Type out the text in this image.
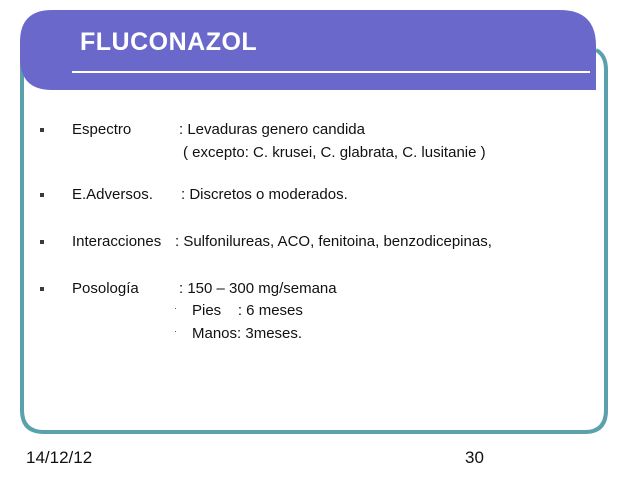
FLUCONAZOL
Espectro	: Levaduras genero candida
( excepto: C. krusei, C. glabrata, C. lusitanie )
E.Adversos. : Discretos o moderados.
Interacciones : Sulfonilureas, ACO, fenitoina, benzodicepinas,
Posología	: 150 – 300 mg/semana
· Pies    : 6 meses
· Manos: 3meses.
14/12/12	30
